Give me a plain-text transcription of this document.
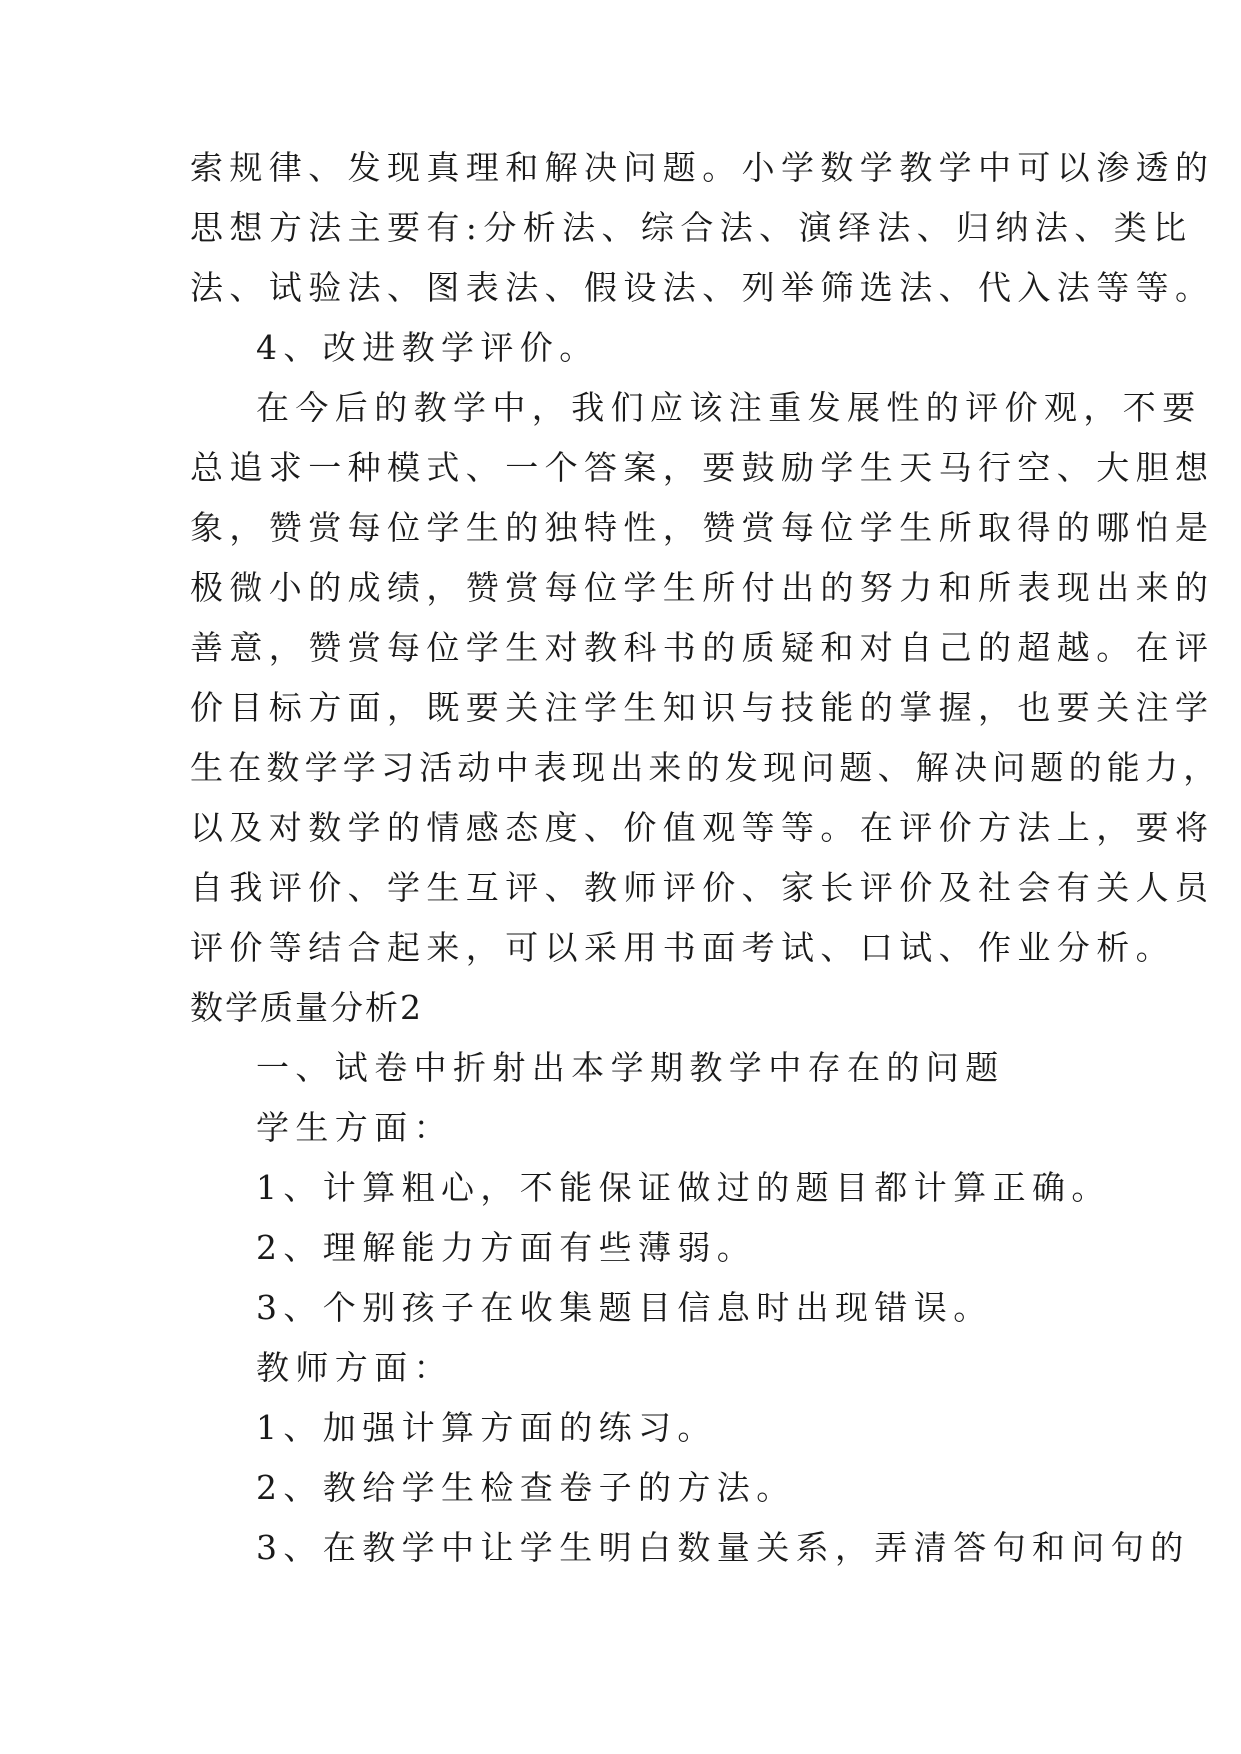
索规律、发现真理和解决问题。小学数学教学中可以渗透的
思想方法主要有:分析法、综合法、演绎法、归纳法、类比
法、试验法、图表法、假设法、列举筛选法、代入法等等。
4、改进教学评价。
在今后的教学中，我们应该注重发展性的评价观，不要
总追求一种模式、一个答案，要鼓励学生天马行空、大胆想
象，赞赏每位学生的独特性，赞赏每位学生所取得的哪怕是
极微小的成绩，赞赏每位学生所付出的努力和所表现出来的
善意，赞赏每位学生对教科书的质疑和对自己的超越。在评
价目标方面，既要关注学生知识与技能的掌握，也要关注学
生在数学学习活动中表现出来的发现问题、解决问题的能力，
以及对数学的情感态度、价值观等等。在评价方法上，要将
自我评价、学生互评、教师评价、家长评价及社会有关人员
评价等结合起来，可以采用书面考试、口试、作业分析。
数学质量分析2
一、试卷中折射出本学期教学中存在的问题
学生方面：
1、计算粗心，不能保证做过的题目都计算正确。
2、理解能力方面有些薄弱。
3、个别孩子在收集题目信息时出现错误。
教师方面：
1、加强计算方面的练习。
2、教给学生检查卷子的方法。
3、在教学中让学生明白数量关系，弄清答句和问句的
